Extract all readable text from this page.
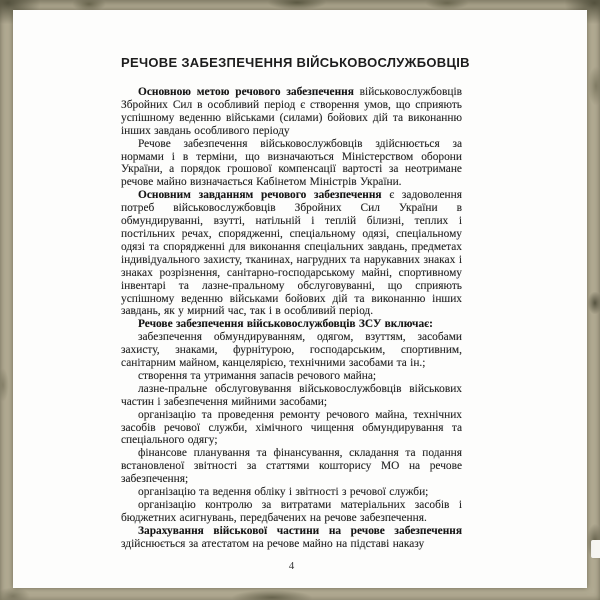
РЕЧОВЕ ЗАБЕЗПЕЧЕННЯ ВІЙСЬКОВОСЛУЖБОВЦІВ

Основною метою речового забезпечення військовослужбовців Збройних Сил в особливий період є створення умов, що сприяють успішному веденню військами (силами) бойових дій та виконанню інших завдань особливого періоду

Речове забезпечення військовослужбовців здійснюється за нормами і в терміни, що визначаються Міністерством оборони України, а порядок грошової компенсації вартості за неотримане речове майно визначається Кабінетом Міністрів України.

Основним завданням речового забезпечення є задоволення потреб військовослужбовців Збройних Сил України в обмундируванні, взутті, натільній і теплій білизні, теплих і постільних речах, спорядженні, спеціальному одязі, спеціальному одязі та спорядженні для виконання спеціальних завдань, предметах індивідуального захисту, тканинах, нагрудних та нарукавних знаках і знаках розрізнення, санітарно-господарському майні, спортивному інвентарі та лазне-пральному обслуговуванні, що сприяють успішному веденню військами бойових дій та виконанню інших завдань, як у мирний час, так і в особливий період.

Речове забезпечення військовослужбовців ЗСУ включає:

забезпечення обмундируванням, одягом, взуттям, засобами захисту, знаками, фурнітурою, господарським, спортивним, санітарним майном, канцелярією, технічними засобами та ін.;

створення та утримання запасів речового майна;

лазне-пральне обслуговування військовослужбовців військових частин і забезпечення мийними засобами;

організацію та проведення ремонту речового майна, технічних засобів речової служби, хімічного чищення обмундирування та спеціального одягу;

фінансове планування та фінансування, складання та подання встановленої звітності за статтями кошторису МО на речове забезпечення;

організацію та ведення обліку і звітності з речової служби;

організацію контролю за витратами матеріальних засобів і бюджетних асигнувань, передбачених на речове забезпечення.

Зарахування військової частини на речове забезпечення здійснюється за атестатом на речове майно на підставі наказу

4
